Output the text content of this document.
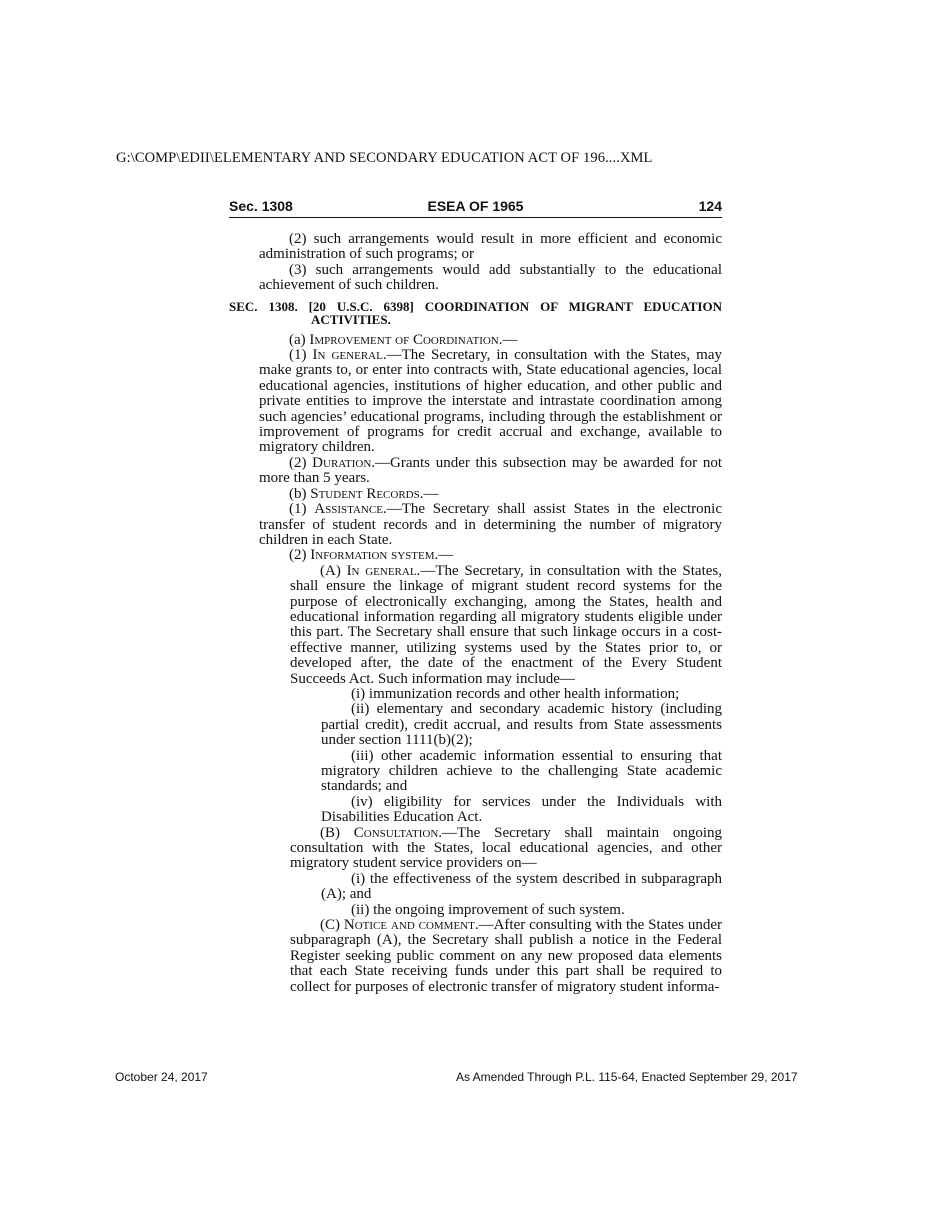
G:\COMP\EDII\ELEMENTARY AND SECONDARY EDUCATION ACT OF 196....XML
Sec. 1308	ESEA OF 1965	124

(2) such arrangements would result in more efficient and economic administration of such programs; or

(3) such arrangements would add substantially to the educational achievement of such children.

SEC. 1308. [20 U.S.C. 6398] COORDINATION OF MIGRANT EDUCATION
ACTIVITIES.

(a) Improvement of Coordination.—

(1) In general.—The Secretary, in consultation with the States, may make grants to, or enter into contracts with, State educational agencies, local educational agencies, institutions of higher education, and other public and private entities to improve the interstate and intrastate coordination among such agencies’ educational programs, including through the establishment or improvement of programs for credit accrual and exchange, available to migratory children.

(2) Duration.—Grants under this subsection may be awarded for not more than 5 years.

(b) Student Records.—

(1) Assistance.—The Secretary shall assist States in the electronic transfer of student records and in determining the number of migratory children in each State.

(2) Information system.—

(A) In general.—The Secretary, in consultation with the States, shall ensure the linkage of migrant student record systems for the purpose of electronically exchanging, among the States, health and educational information regarding all migratory students eligible under this part. The Secretary shall ensure that such linkage occurs in a cost-effective manner, utilizing systems used by the States prior to, or developed after, the date of the enactment of the Every Student Succeeds Act. Such information may include—

(i) immunization records and other health information;

(ii) elementary and secondary academic history (including partial credit), credit accrual, and results from State assessments under section 1111(b)(2);

(iii) other academic information essential to ensuring that migratory children achieve to the challenging State academic standards; and

(iv) eligibility for services under the Individuals with Disabilities Education Act.

(B) Consultation.—The Secretary shall maintain ongoing consultation with the States, local educational agencies, and other migratory student service providers on—

(i) the effectiveness of the system described in subparagraph (A); and

(ii) the ongoing improvement of such system.

(C) Notice and comment.—After consulting with the States under subparagraph (A), the Secretary shall publish a notice in the Federal Register seeking public comment on any new proposed data elements that each State receiving funds under this part shall be required to collect for purposes of electronic transfer of migratory student informa-

October 24, 2017	As Amended Through P.L. 115-64, Enacted September 29, 2017
